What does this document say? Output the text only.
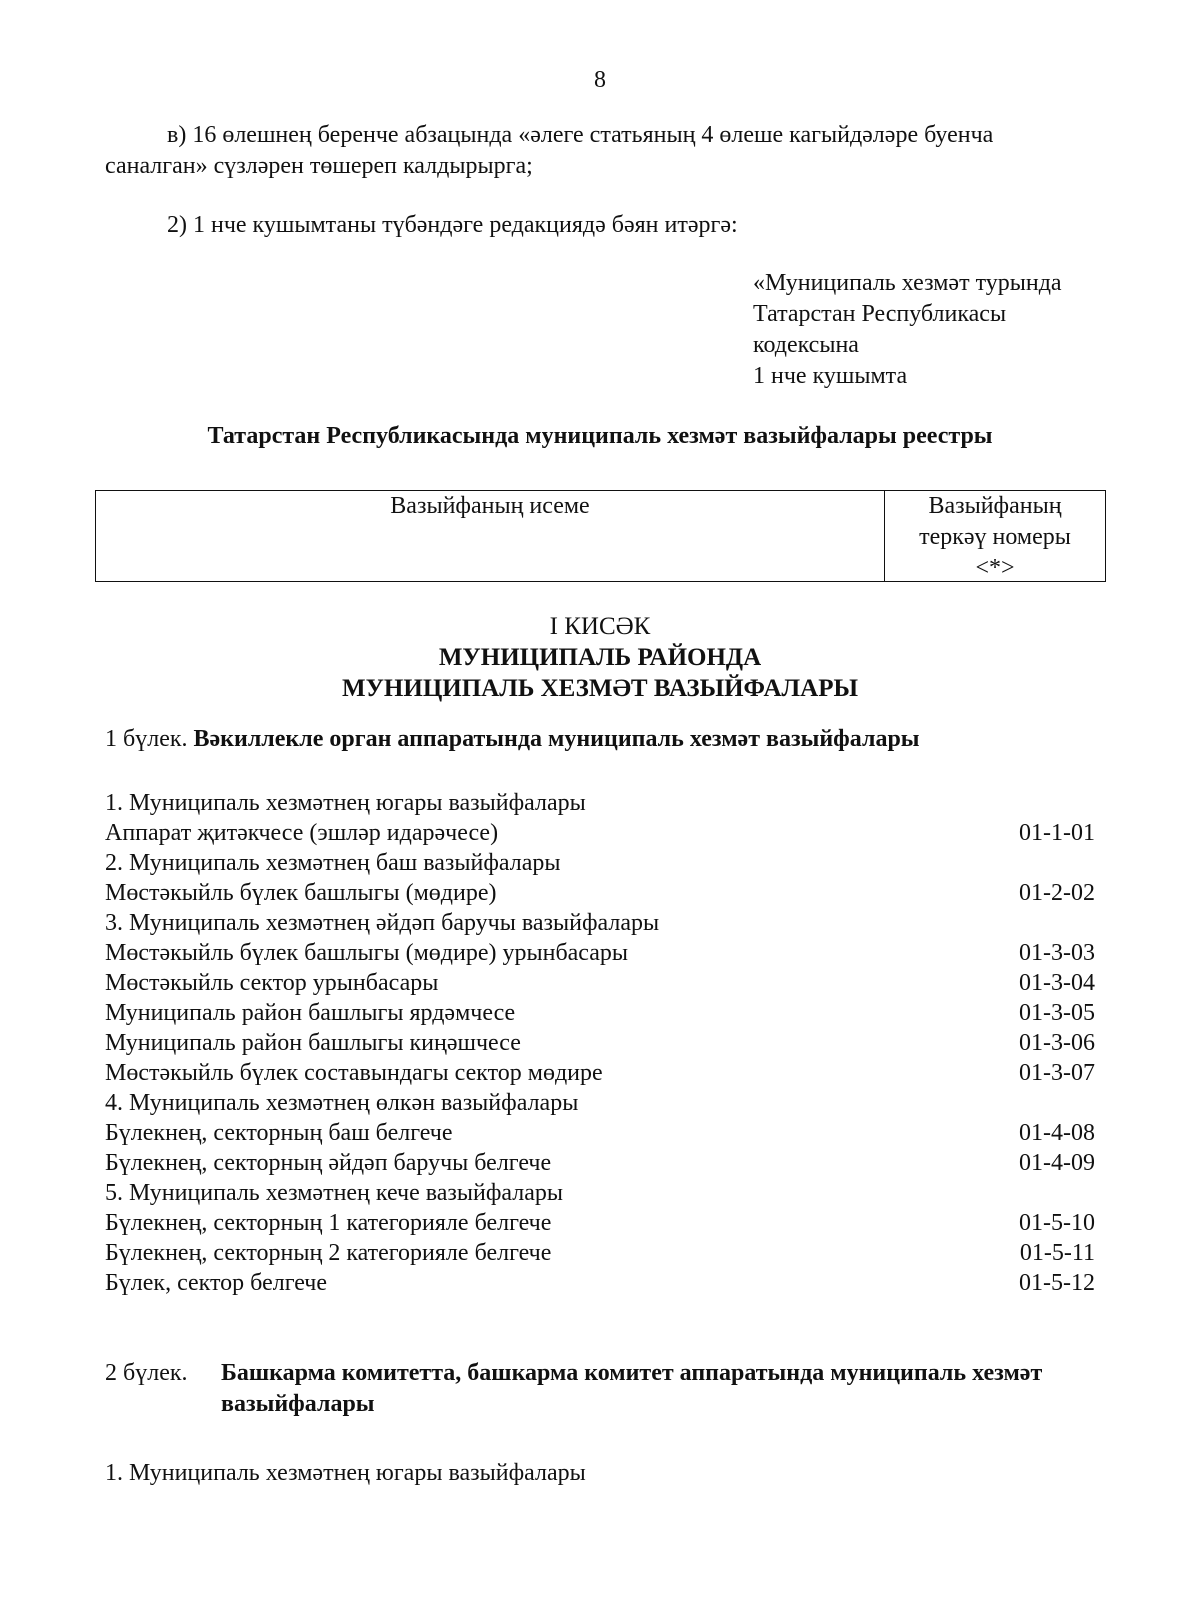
8
в) 16 өлешнең беренче абзацында «әлеге статьяның 4 өлеше кагыйдәләре буенча саналган» сүзләрен төшереп калдырырга;
2) 1 нче кушымтаны түбәндәге редакциядә бәян итәргә:
«Муниципаль хезмәт турында
Татарстан Республикасы
кодексына
1 нче кушымта
Татарстан Республикасында муниципаль хезмәт вазыйфалары реестры
Вазыйфаның исеме	Вазыйфаның
теркәү номеры
<*>
I КИСӘК
МУНИЦИПАЛЬ РАЙОНДА
МУНИЦИПАЛЬ ХЕЗМӘТ ВАЗЫЙФАЛАРЫ
1 бүлек. Вәкиллекле орган аппаратында муниципаль хезмәт вазыйфалары
1. Муниципаль хезмәтнең югары вазыйфалары
Аппарат җитәкчесе (эшләр идарәчесе)	01-1-01
2. Муниципаль хезмәтнең баш вазыйфалары
Мөстәкыйль бүлек башлыгы (мөдире)	01-2-02
3. Муниципаль хезмәтнең әйдәп баручы вазыйфалары
Мөстәкыйль бүлек башлыгы (мөдире) урынбасары	01-3-03
Мөстәкыйль сектор урынбасары	01-3-04
Муниципаль район башлыгы ярдәмчесе	01-3-05
Муниципаль район башлыгы киңәшчесе	01-3-06
Мөстәкыйль бүлек составындагы сектор мөдире	01-3-07
4. Муниципаль хезмәтнең өлкән вазыйфалары
Бүлекнең, секторның баш белгече	01-4-08
Бүлекнең, секторның әйдәп баручы белгече	01-4-09
5. Муниципаль хезмәтнең кече вазыйфалары
Бүлекнең, секторның 1 категорияле белгече	01-5-10
Бүлекнең, секторның 2 категорияле белгече	01-5-11
Бүлек, сектор белгече	01-5-12
2 бүлек. Башкарма комитетта, башкарма комитет аппаратында муниципаль хезмәт вазыйфалары
1. Муниципаль хезмәтнең югары вазыйфалары
